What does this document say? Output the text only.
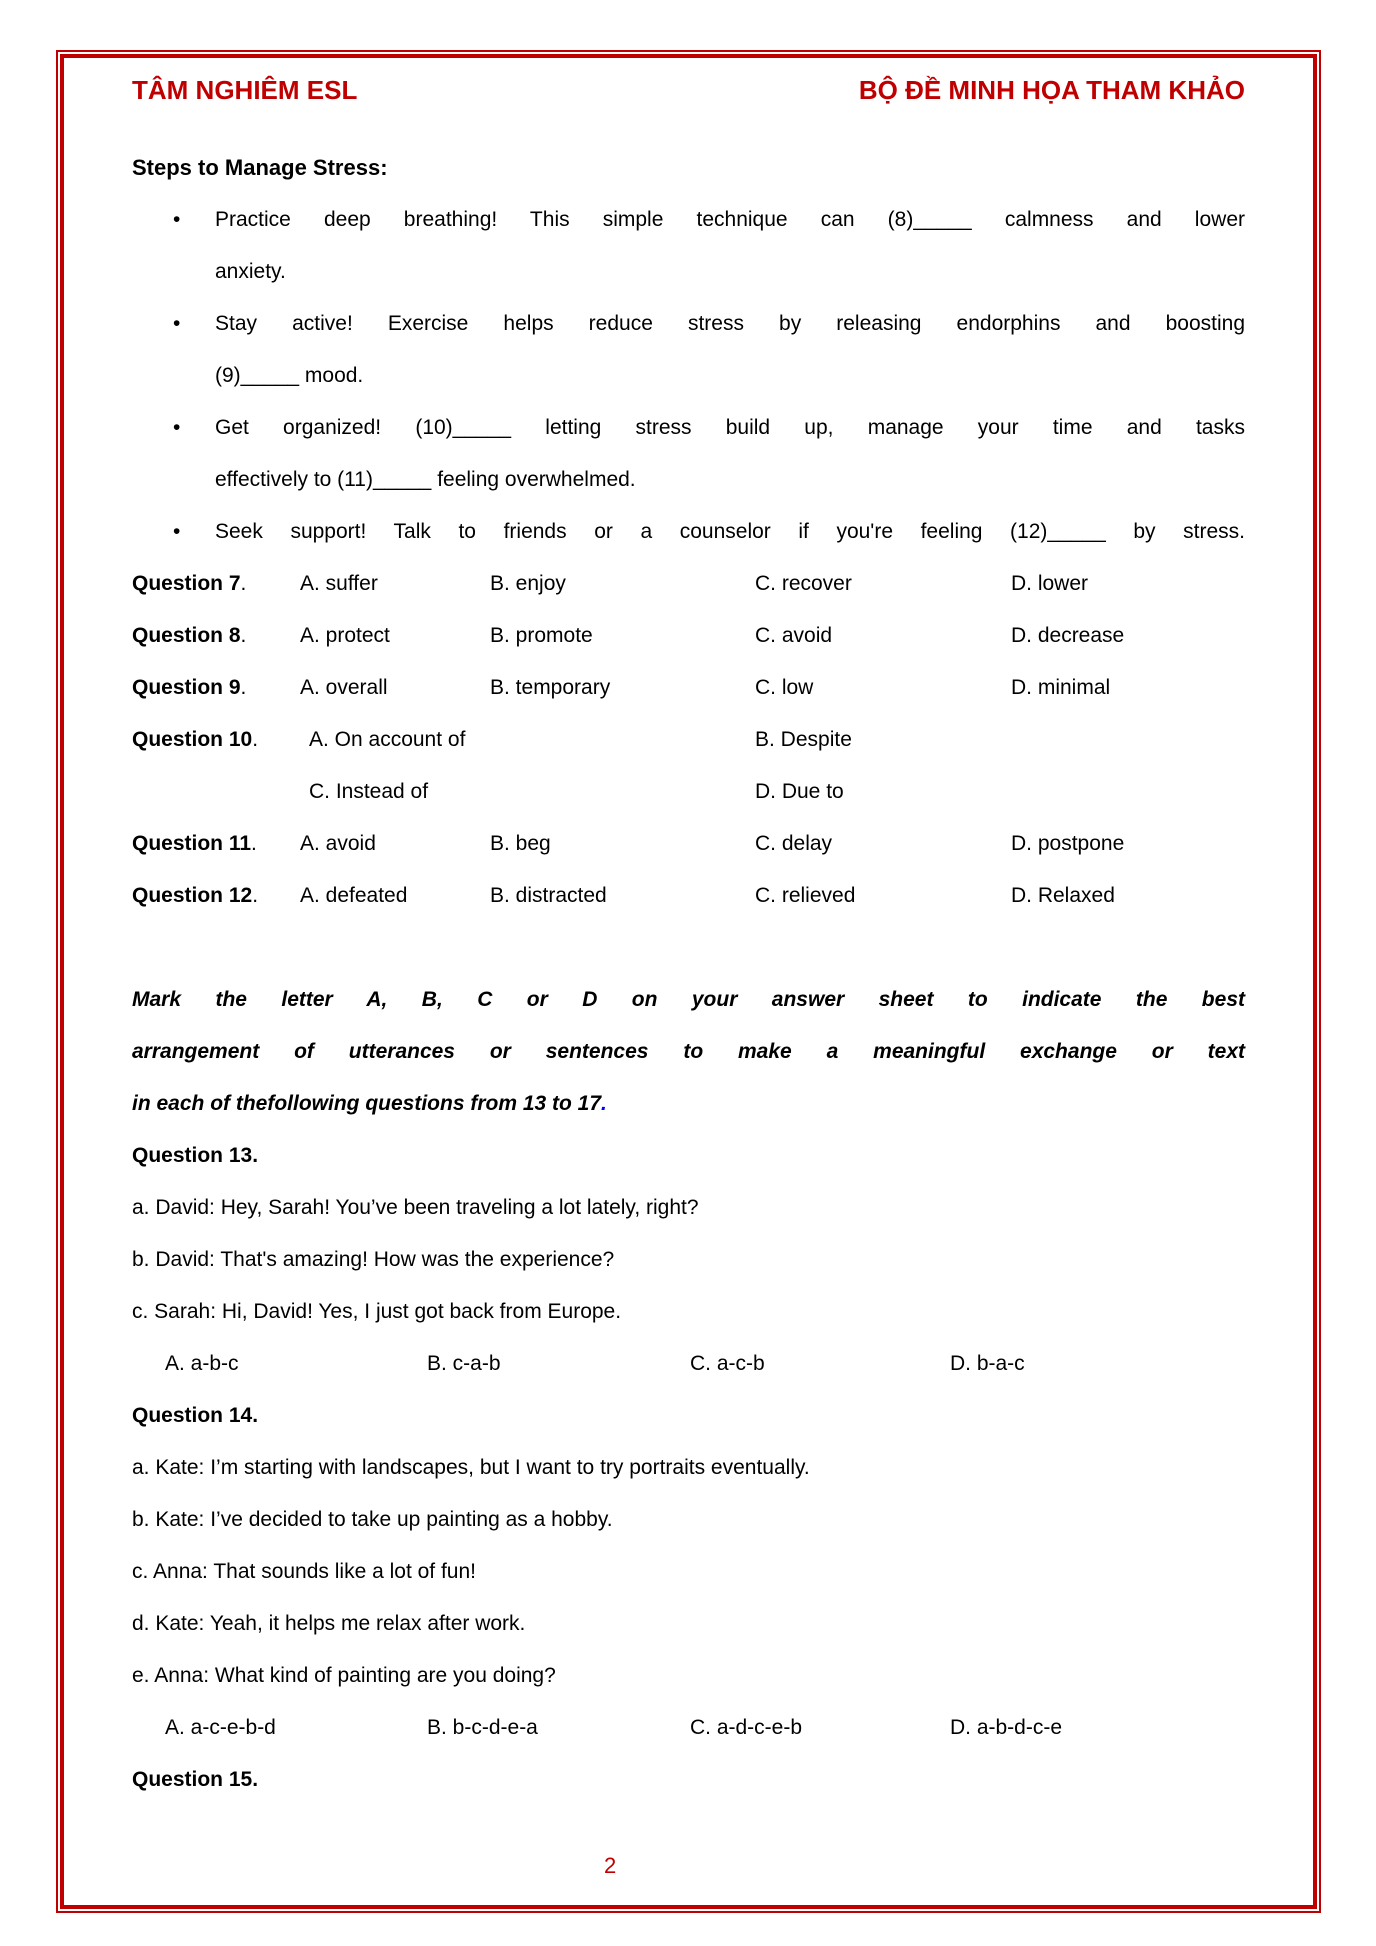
TÂM NGHIÊM ESL	BỘ ĐỀ MINH HỌA THAM KHẢO
Steps to Manage Stress:
• Practice deep breathing! This simple technique can (8)_____ calmness and lower
anxiety.
• Stay active! Exercise helps reduce stress by releasing endorphins and boosting
(9)_____ mood.
• Get organized! (10)_____ letting stress build up, manage your time and tasks
effectively to (11)_____ feeling overwhelmed.
• Seek support! Talk to friends or a counselor if you're feeling (12)_____ by stress.
Question 7 .	A. suffer	B. enjoy	C. recover	D. lower
Question 8 .	A. protect	B. promote	C. avoid	D. decrease
Question 9 .	A. overall	B. temporary	C. low	D. minimal
Question 10 . A. On account of	B. Despite
C. Instead of	D. Due to
Question 11 . A. avoid	B. beg	C. delay	D. postpone
Question 12 . A. defeated	B. distracted	C. relieved	D. Relaxed
Mark the letter A, B, C or D on your answer sheet to indicate the best
arrangement of utterances or sentences to make a meaningful exchange or text
in each of thefollowing questions from 13 to 17.
Question 13.
a. David: Hey, Sarah! You’ve been traveling a lot lately, right?
b. David: That's amazing! How was the experience?
c. Sarah: Hi, David! Yes, I just got back from Europe.
A. a-b-c	B. c-a-b	C. a-c-b	D. b-a-c
Question 14.
a. Kate: I’m starting with landscapes, but I want to try portraits eventually.
b. Kate: I’ve decided to take up painting as a hobby.
c. Anna: That sounds like a lot of fun!
d. Kate: Yeah, it helps me relax after work.
e. Anna: What kind of painting are you doing?
A. a-c-e-b-d	B. b-c-d-e-a	C. a-d-c-e-b	D. a-b-d-c-e
Question 15.
2
